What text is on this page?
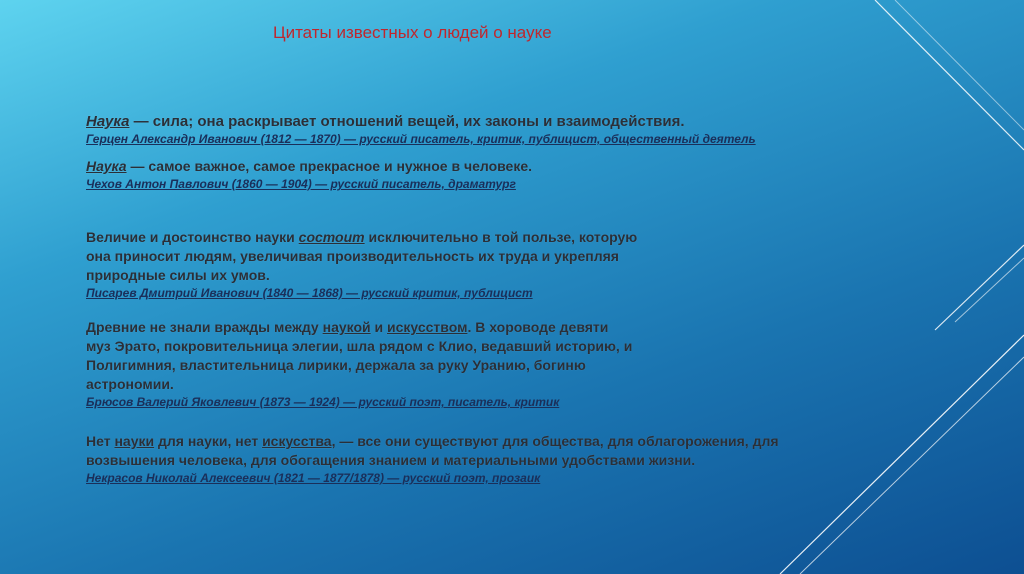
Цитаты известных о людей о науке

Наука — сила; она раскрывает отношений вещей, их законы и взаимодействия.

Герцен Александр Иванович (1812 — 1870) — русский писатель, критик, публицист, общественный деятель

Наука — самое важное, самое прекрасное и нужное в человеке.

Чехов Антон Павлович (1860 — 1904) — русский писатель, драматург

Величие и достоинство науки состоит исключительно в той пользе, которую

она приносит людям, увеличивая производительность их труда и укрепляя

природные силы их умов.

Писарев Дмитрий Иванович (1840 — 1868) — русский критик, публицист

Древние не знали вражды между наукой и искусством. В хороводе девяти

муз Эрато, покровительница элегии, шла рядом с Клио, ведавший историю, и

Полигимния, властительница лирики, держала за руку Уранию, богиню

астрономии.

Брюсов Валерий Яковлевич (1873 — 1924) — русский поэт, писатель, критик

Нет науки для науки, нет искусства, — все они существуют для общества, для облагорожения, для

возвышения человека, для обогащения знанием и материальными удобствами жизни.

Некрасов Николай Алексеевич (1821 — 1877/1878) — русский поэт, прозаик
